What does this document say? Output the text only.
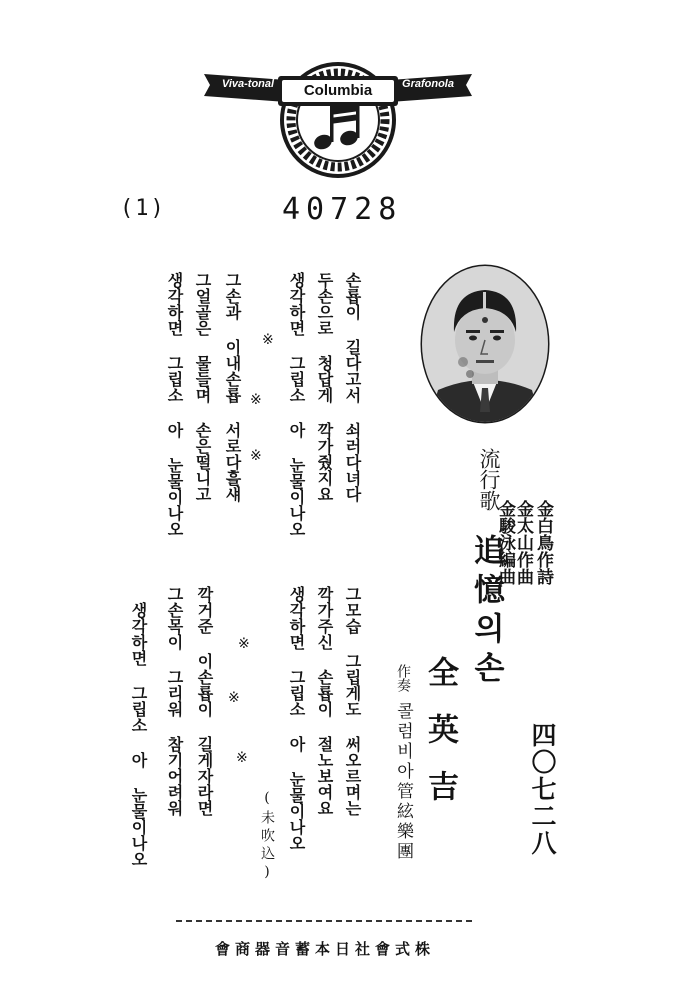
Viva-tonal	Columbia	Grafonola
(1)	40728
流行歌
追憶의손 金白鳥作詩
金太山作曲
金駿泳編曲
作奏
콜럼비아管絃樂團 全英吉	四〇七二八
손룝이 길다고서 쇠러다녀다
두손으로 청답게 깍가줬지요
생각하면 그립소 아 눈물이나오
※
※
※
그손과 이내손룝 서로다흘섀
그얼골은 물들며 손은떨니고
생각하면 그립소 아 눈물이나오
그모습 그립게도 써오르며는
깍가주신 손룝이 절노보여요
생각하면 그립소 아 눈물이나오
(未吹込)
※
※
※
깍거준 이손룝이 길게자라면
그손목이 그리워 참기어려워
생각하면 그립소 아 눈물이나오
會商器音蓄本日社會式株
